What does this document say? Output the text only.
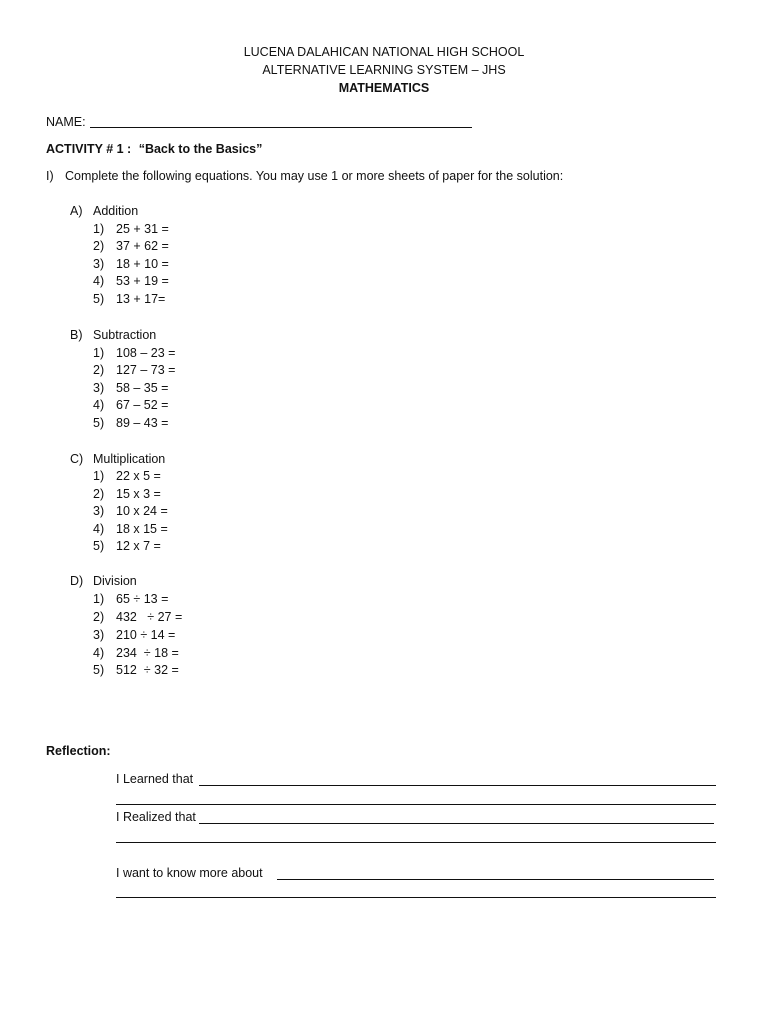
LUCENA DALAHICAN NATIONAL HIGH SCHOOL
ALTERNATIVE LEARNING SYSTEM – JHS
MATHEMATICS
NAME:
ACTIVITY # 1 : “Back to the Basics”
I) Complete the following equations. You may use 1 or more sheets of paper for the solution:
A) Addition
1) 25 + 31 =
2) 37 + 62 =
3) 18 + 10 =
4) 53 + 19 =
5) 13 + 17=
B) Subtraction
1) 108 – 23 =
2) 127 – 73 =
3) 58 – 35 =
4) 67 – 52 =
5) 89 – 43 =
C) Multiplication
1) 22 x 5 =
2) 15 x 3 =
3) 10 x 24 =
4) 18 x 15 =
5) 12 x 7 =
D) Division
1) 65 ÷ 13 =
2) 432   ÷ 27 =
3) 210 ÷ 14 =
4) 234  ÷ 18 =
5) 512  ÷ 32 =
Reflection:
I Learned that
I Realized that
I want to know more about
